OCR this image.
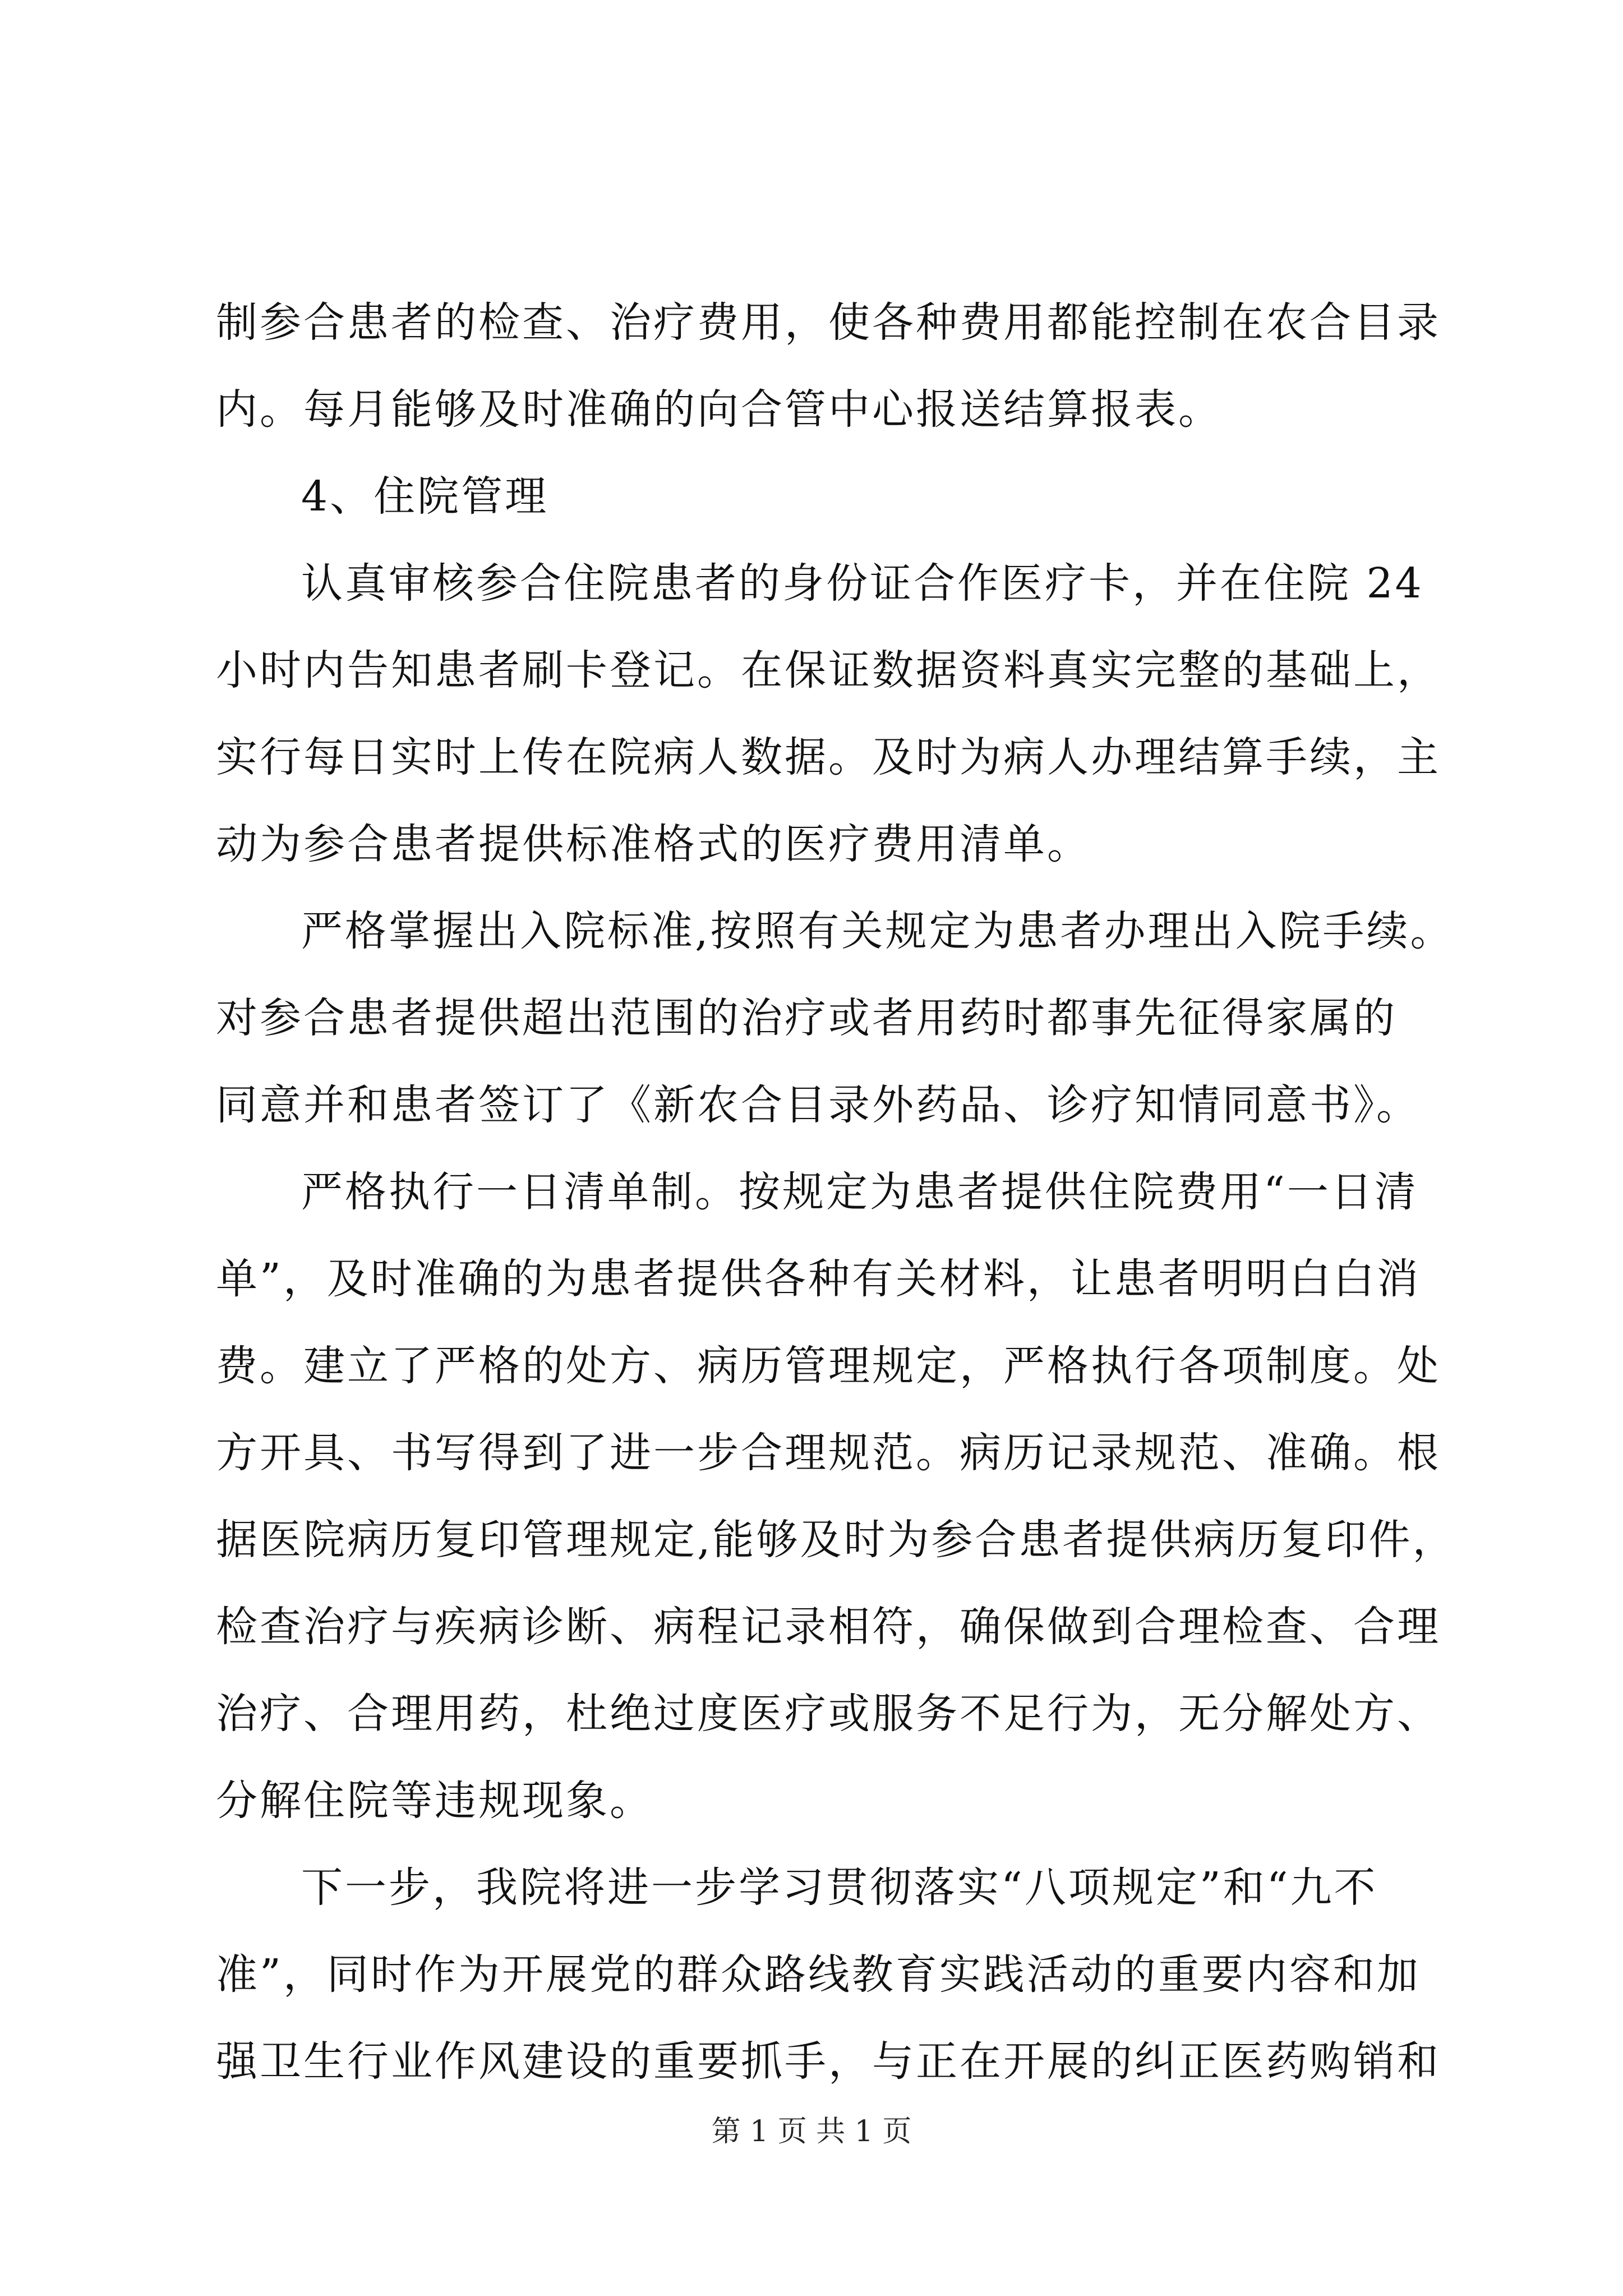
制参合患者的检查、治疗费用，使各种费用都能控制在农合目录
内。每月能够及时准确的向合管中心报送结算报表。
4、住院管理
认真审核参合住院患者的身份证合作医疗卡，并在住院 24
小时内告知患者刷卡登记。在保证数据资料真实完整的基础上，
实行每日实时上传在院病人数据。及时为病人办理结算手续，主
动为参合患者提供标准格式的医疗费用清单。
严格掌握出入院标准,按照有关规定为患者办理出入院手续。
对参合患者提供超出范围的治疗或者用药时都事先征得家属的
同意并和患者签订了《新农合目录外药品、诊疗知情同意书》。
严格执行一日清单制。按规定为患者提供住院费用“一日清
单”，及时准确的为患者提供各种有关材料，让患者明明白白消
费。建立了严格的处方、病历管理规定，严格执行各项制度。处
方开具、书写得到了进一步合理规范。病历记录规范、准确。根
据医院病历复印管理规定,能够及时为参合患者提供病历复印件，
检查治疗与疾病诊断、病程记录相符，确保做到合理检查、合理
治疗、合理用药，杜绝过度医疗或服务不足行为，无分解处方、
分解住院等违规现象。
下一步，我院将进一步学习贯彻落实“八项规定”和“九不
准”，同时作为开展党的群众路线教育实践活动的重要内容和加
强卫生行业作风建设的重要抓手，与正在开展的纠正医药购销和
第 1 页 共 1 页
